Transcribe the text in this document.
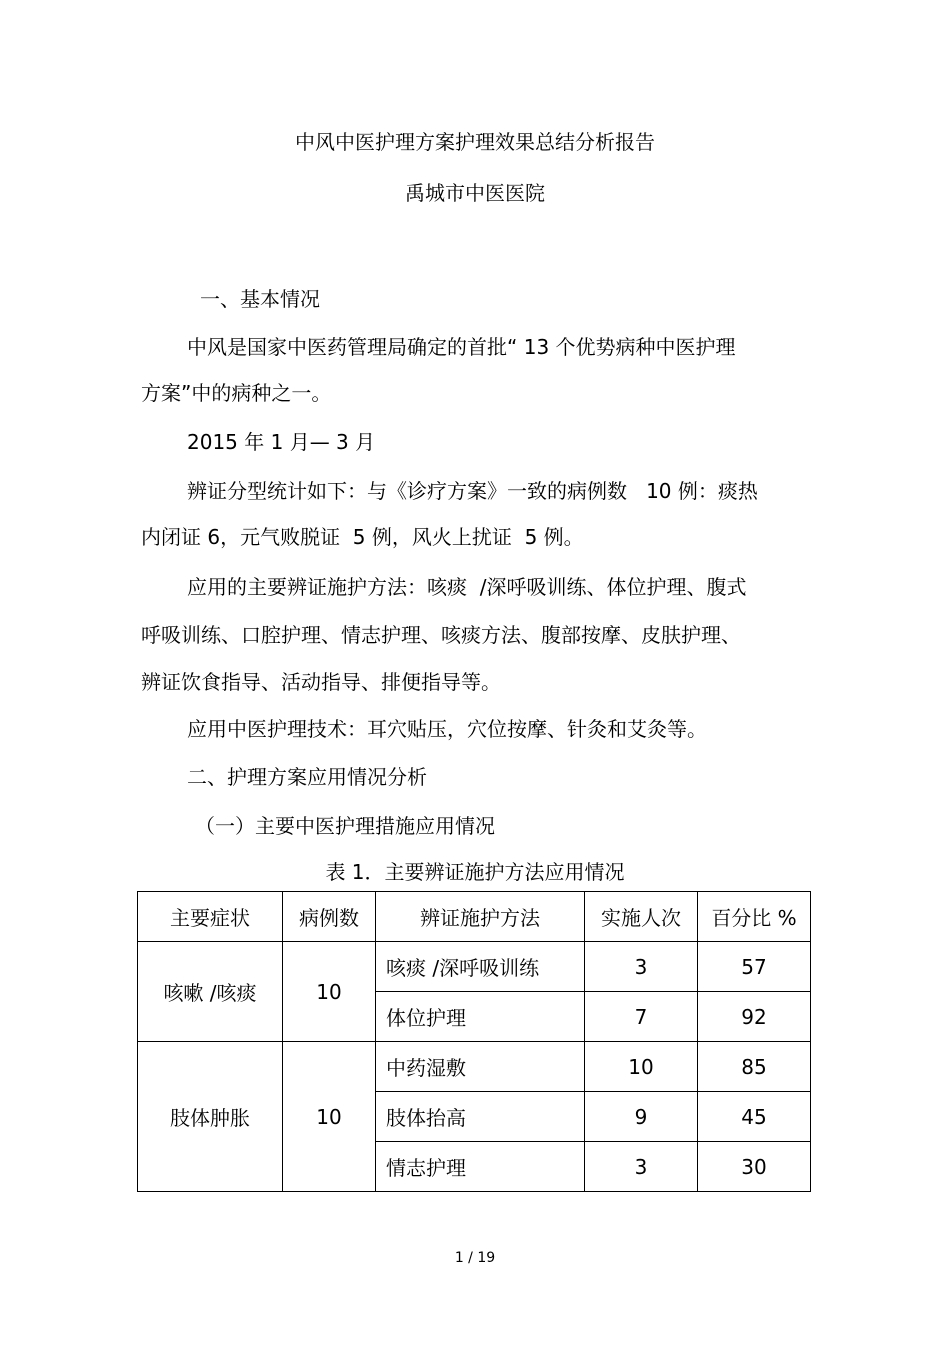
中风中医护理方案护理效果总结分析报告
禹城市中医医院
一、基本情况
中风是国家中医药管理局确定的首批“ 13 个优势病种中医护理
方案”中的病种之一。
2015 年 1 月— 3 月
辨证分型统计如下：与《诊疗方案》一致的病例数   10 例：痰热
内闭证 6，元气败脱证  5 例，风火上扰证  5 例。
应用的主要辨证施护方法：咳痰  /深呼吸训练、体位护理、腹式
呼吸训练、口腔护理、情志护理、咳痰方法、腹部按摩、皮肤护理、
辨证饮食指导、活动指导、排便指导等。
应用中医护理技术：耳穴贴压，穴位按摩、针灸和艾灸等。
二、护理方案应用情况分析
（一）主要中医护理措施应用情况
表 1．主要辨证施护方法应用情况
主要症状	病例数	辨证施护方法	实施人次	百分比 %
咳嗽 /咳痰	10	咳痰 /深呼吸训练	3	57
		体位护理	7	92
肢体肿胀	10	中药湿敷	10	85
		肢体抬高	9	45
		情志护理	3	30
1 / 19
